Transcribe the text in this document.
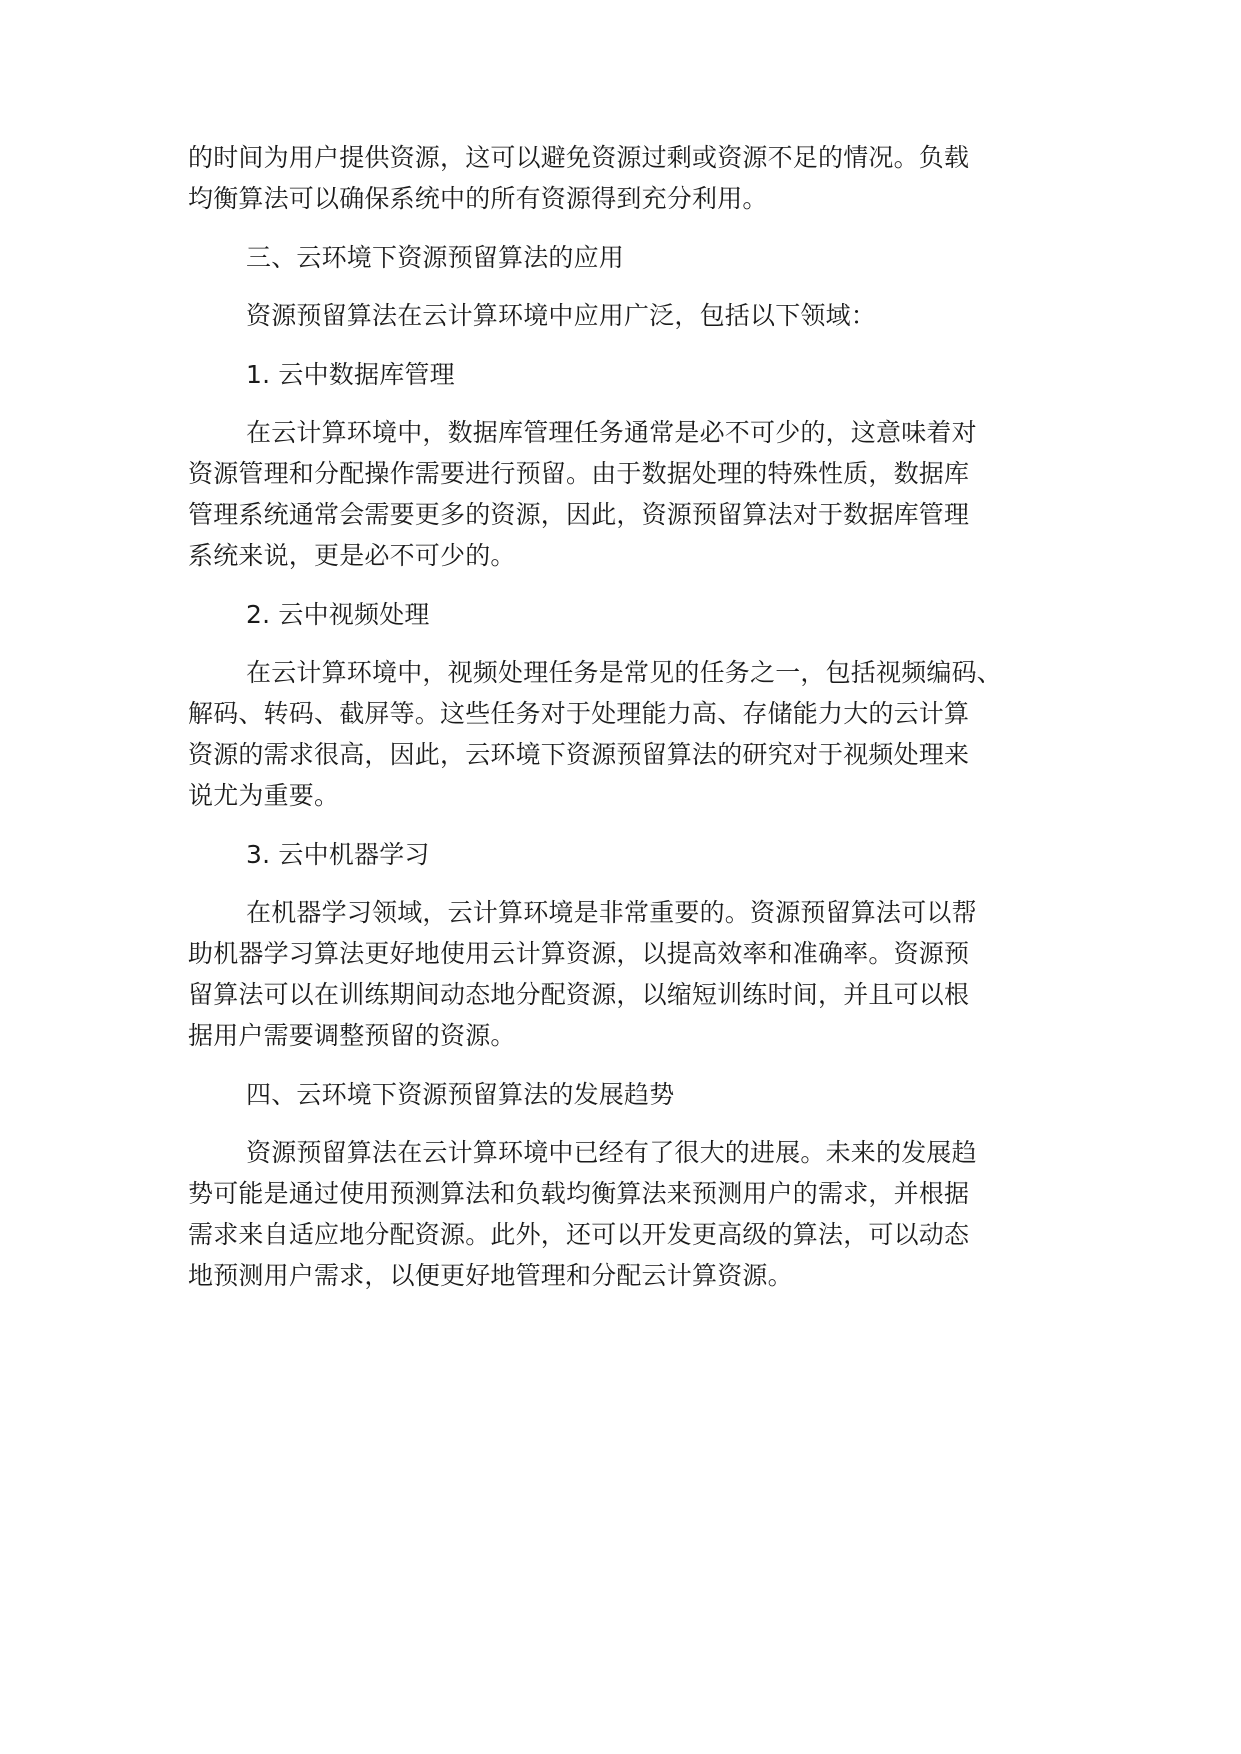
的时间为用户提供资源，这可以避免资源过剩或资源不足的情况。负载

均衡算法可以确保系统中的所有资源得到充分利用。

三、云环境下资源预留算法的应用

资源预留算法在云计算环境中应用广泛，包括以下领域：

1. 云中数据库管理

在云计算环境中，数据库管理任务通常是必不可少的，这意味着对

资源管理和分配操作需要进行预留。由于数据处理的特殊性质，数据库

管理系统通常会需要更多的资源，因此，资源预留算法对于数据库管理

系统来说，更是必不可少的。

2. 云中视频处理

在云计算环境中，视频处理任务是常见的任务之一，包括视频编码、

解码、转码、截屏等。这些任务对于处理能力高、存储能力大的云计算

资源的需求很高，因此，云环境下资源预留算法的研究对于视频处理来

说尤为重要。

3. 云中机器学习

在机器学习领域，云计算环境是非常重要的。资源预留算法可以帮

助机器学习算法更好地使用云计算资源，以提高效率和准确率。资源预

留算法可以在训练期间动态地分配资源，以缩短训练时间，并且可以根

据用户需要调整预留的资源。

四、云环境下资源预留算法的发展趋势

资源预留算法在云计算环境中已经有了很大的进展。未来的发展趋

势可能是通过使用预测算法和负载均衡算法来预测用户的需求，并根据

需求来自适应地分配资源。此外，还可以开发更高级的算法，可以动态

地预测用户需求，以便更好地管理和分配云计算资源。
